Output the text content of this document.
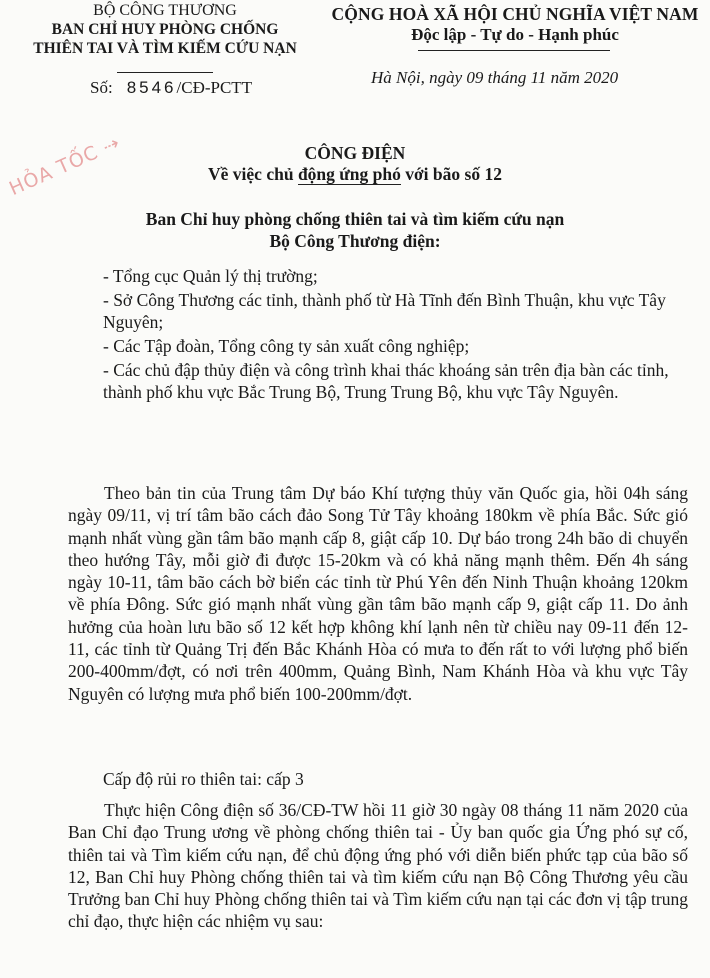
BỘ CÔNG THƯƠNG
BAN CHỈ HUY PHÒNG CHỐNG
THIÊN TAI VÀ TÌM KIẾM CỨU NẠN
CỘNG HOÀ XÃ HỘI CHỦ NGHĨA VIỆT NAM
Độc lập - Tự do - Hạnh phúc
Số: 8546/CĐ-PCTT
Hà Nội, ngày 09 tháng 11 năm 2020
HỎA TỐC ⇢	CÔNG ĐIỆN
Về việc chủ động ứng phó với bão số 12
Ban Chỉ huy phòng chống thiên tai và tìm kiếm cứu nạn
Bộ Công Thương điện:

- Tổng cục Quản lý thị trường;

- Sở Công Thương các tỉnh, thành phố từ Hà Tĩnh đến Bình Thuận, khu vực Tây Nguyên;

- Các Tập đoàn, Tổng công ty sản xuất công nghiệp;

- Các chủ đập thủy điện và công trình khai thác khoáng sản trên địa bàn các tỉnh, thành phố khu vực Bắc Trung Bộ, Trung Trung Bộ, khu vực Tây Nguyên.

Theo bản tin của Trung tâm Dự báo Khí tượng thủy văn Quốc gia, hồi 04h sáng ngày 09/11, vị trí tâm bão cách đảo Song Tử Tây khoảng 180km về phía Bắc. Sức gió mạnh nhất vùng gần tâm bão mạnh cấp 8, giật cấp 10. Dự báo trong 24h bão di chuyển theo hướng Tây, mỗi giờ đi được 15-20km và có khả năng mạnh thêm. Đến 4h sáng ngày 10-11, tâm bão cách bờ biển các tỉnh từ Phú Yên đến Ninh Thuận khoảng 120km về phía Đông. Sức gió mạnh nhất vùng gần tâm bão mạnh cấp 9, giật cấp 11. Do ảnh hưởng của hoàn lưu bão số 12 kết hợp không khí lạnh nên từ chiều nay 09-11 đến 12-11, các tỉnh từ Quảng Trị đến Bắc Khánh Hòa có mưa to đến rất to với lượng phổ biến 200-400mm/đợt, có nơi trên 400mm, Quảng Bình, Nam Khánh Hòa và khu vực Tây Nguyên có lượng mưa phổ biến 100-200mm/đợt.
Cấp độ rủi ro thiên tai: cấp 3
Thực hiện Công điện số 36/CĐ-TW hồi 11 giờ 30 ngày 08 tháng 11 năm 2020 của Ban Chỉ đạo Trung ương về phòng chống thiên tai - Ủy ban quốc gia Ứng phó sự cố, thiên tai và Tìm kiếm cứu nạn, để chủ động ứng phó với diễn biến phức tạp của bão số 12, Ban Chỉ huy Phòng chống thiên tai và tìm kiếm cứu nạn Bộ Công Thương yêu cầu Trưởng ban Chỉ huy Phòng chống thiên tai và Tìm kiếm cứu nạn tại các đơn vị tập trung chỉ đạo, thực hiện các nhiệm vụ sau:
